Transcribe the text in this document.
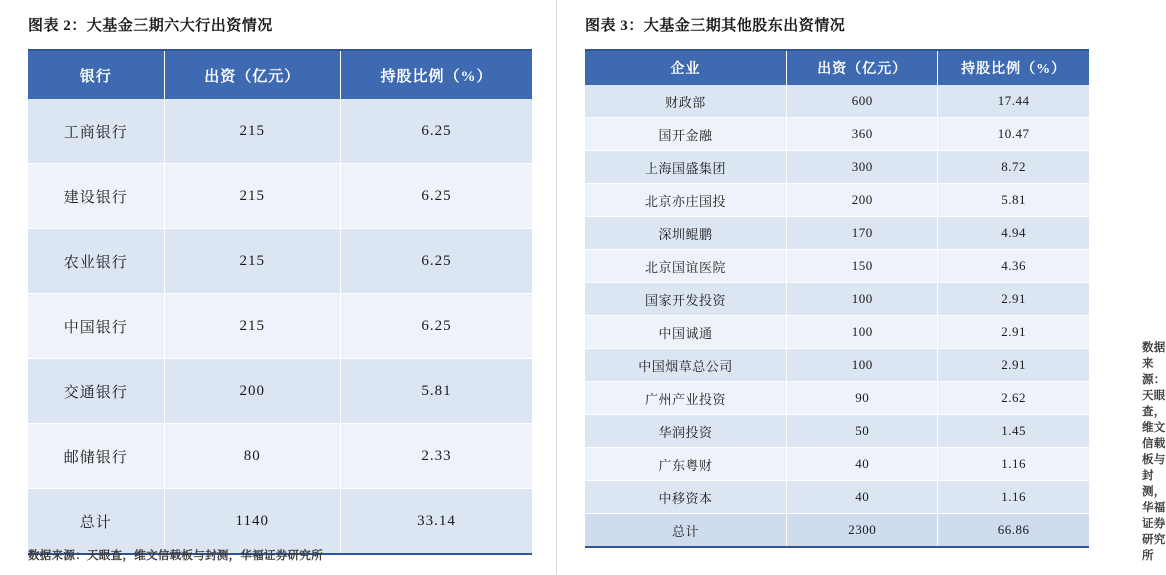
图表 2：大基金三期六大行出资情况
银行	出资（亿元）	持股比例（%）
工商银行	215	6.25
建设银行	215	6.25
农业银行	215	6.25
中国银行	215	6.25
交通银行	200	5.81
邮储银行	80	2.33
总计	1140	33.14
数据来源：天眼查，维文信载板与封测，华福证券研究所
图表 3：大基金三期其他股东出资情况
企业	出资（亿元）	持股比例（%）
财政部	600	17.44
国开金融	360	10.47
上海国盛集团	300	8.72
北京亦庄国投	200	5.81
深圳鲲鹏	170	4.94
北京国谊医院	150	4.36
国家开发投资	100	2.91
中国诚通	100	2.91
中国烟草总公司	100	2.91
广州产业投资	90	2.62
华润投资	50	1.45
广东粤财	40	1.16
中移资本	40	1.16
总计	2300	66.86
数据来源：天眼查，维文信载板与封测，华福证券研究所
